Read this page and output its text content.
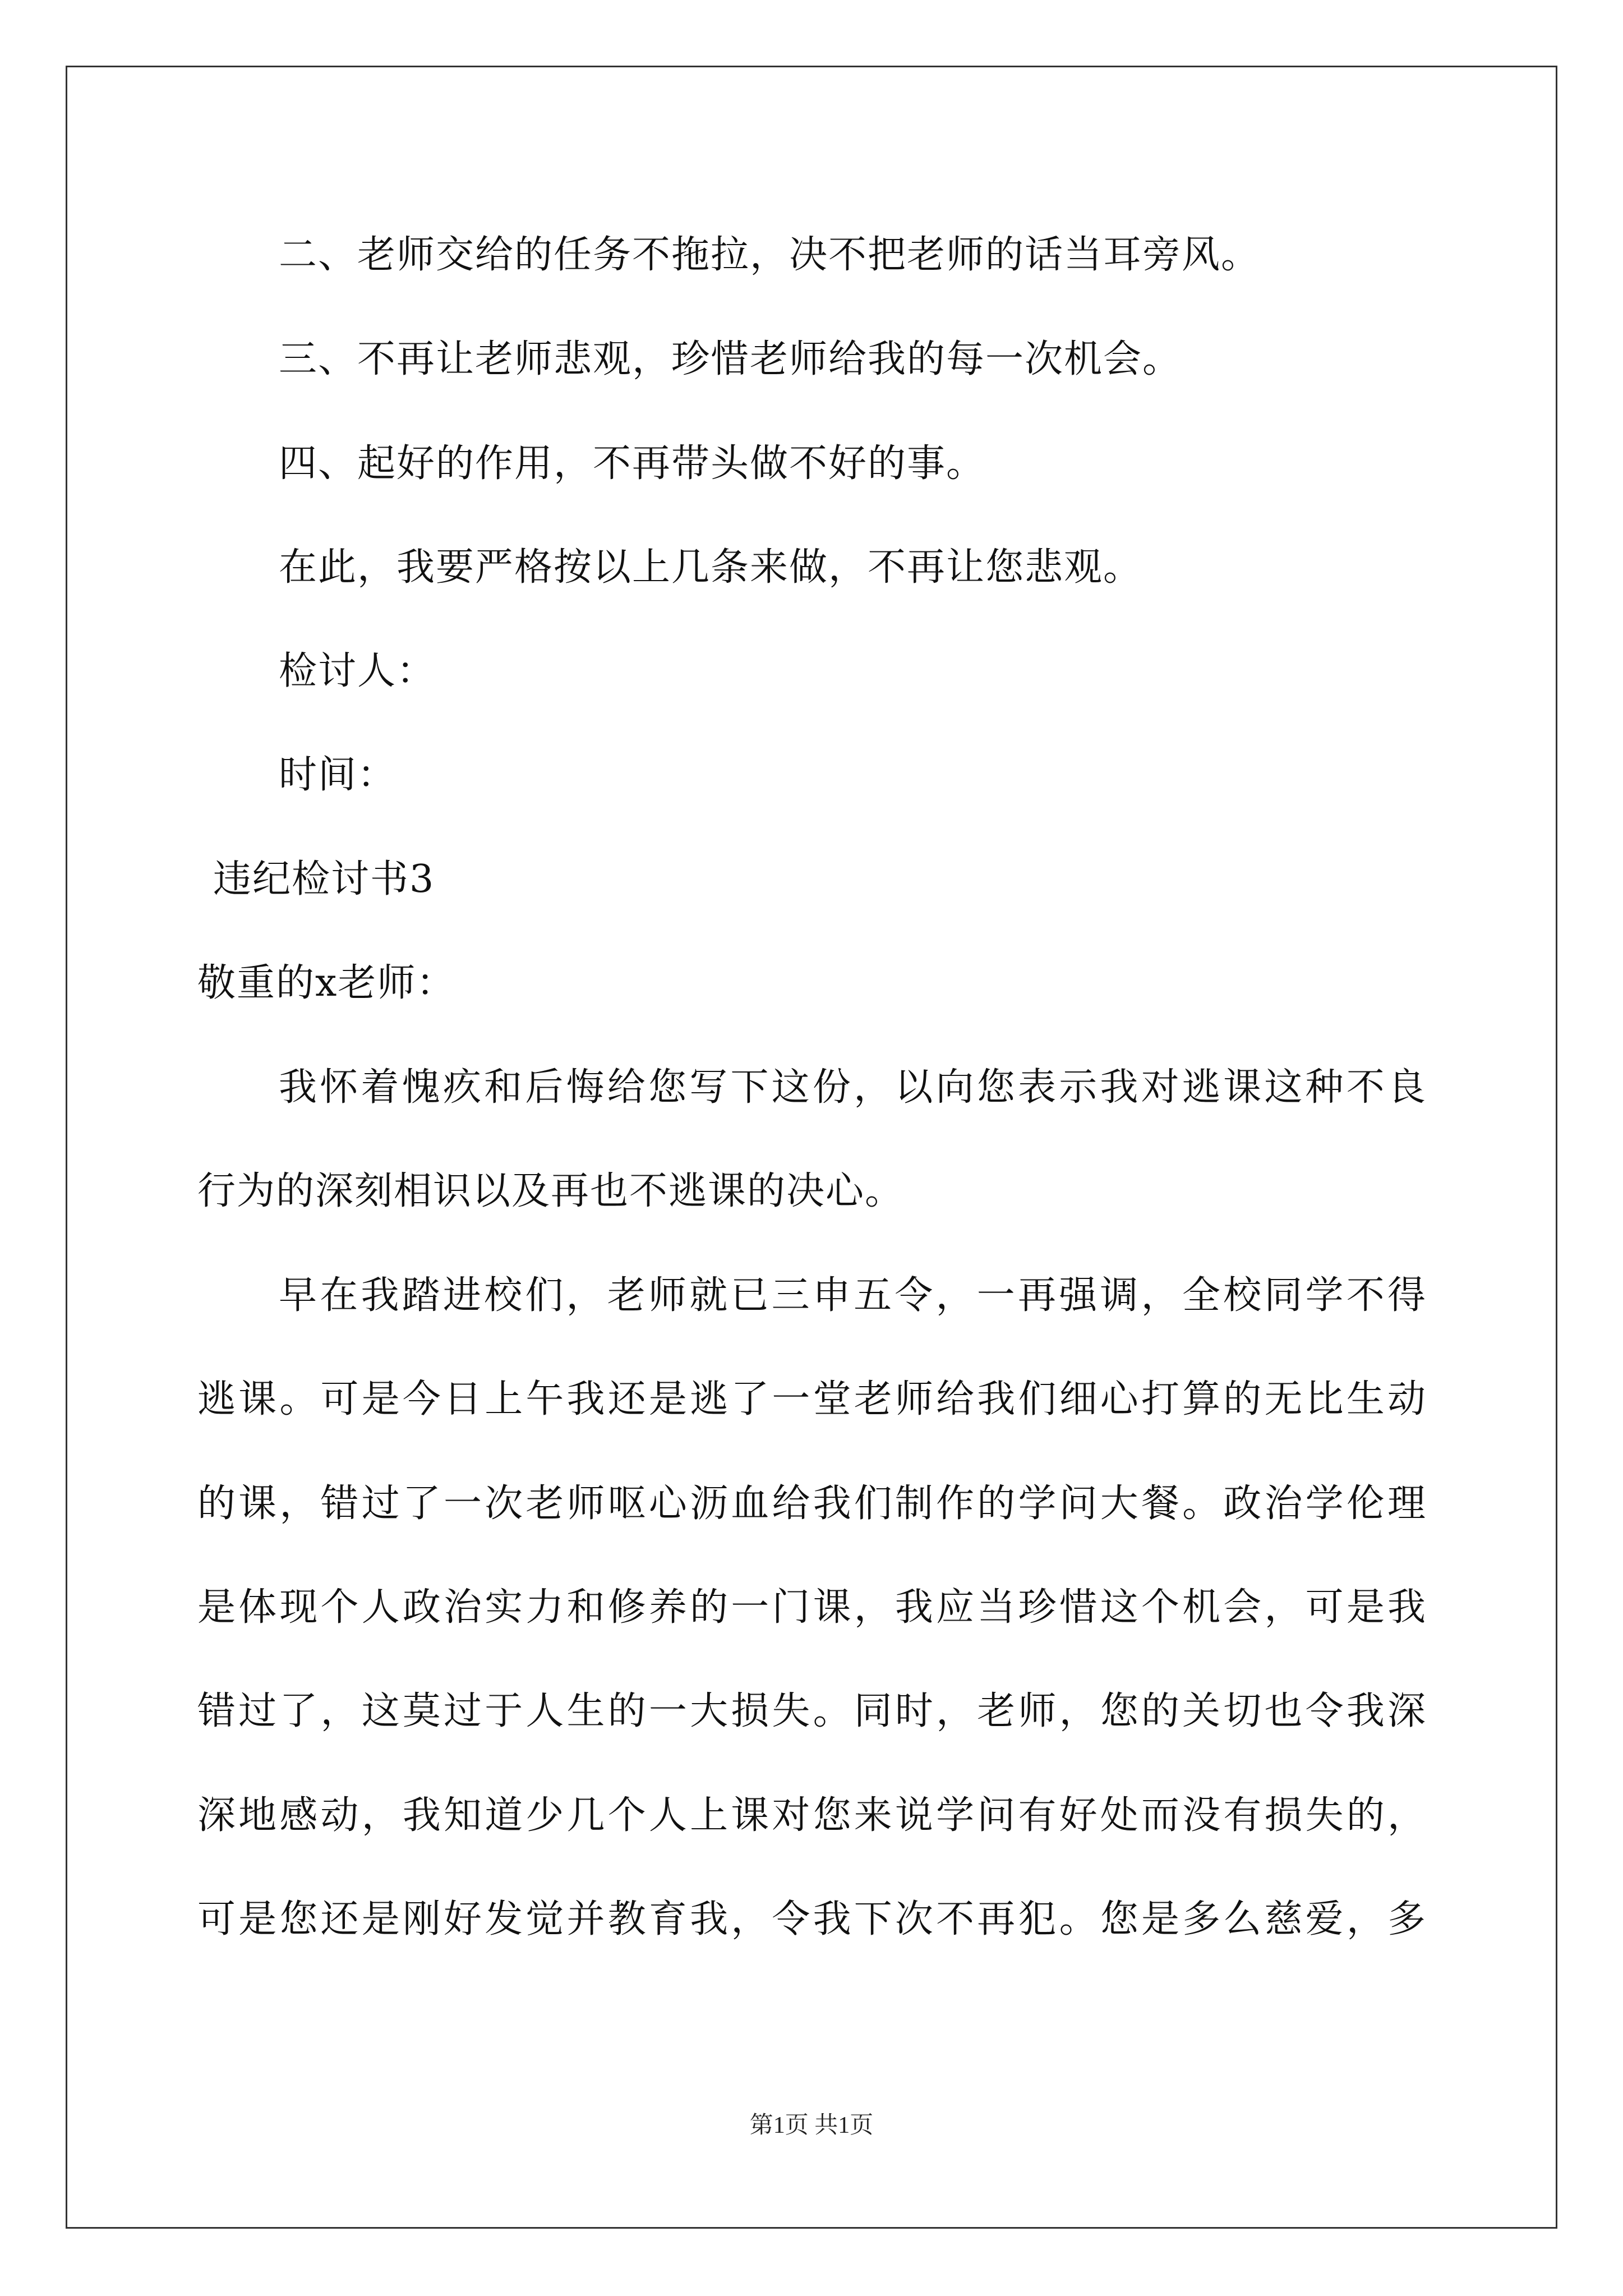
二、老师交给的任务不拖拉，决不把老师的话当耳旁风。
三、不再让老师悲观，珍惜老师给我的每一次机会。
四、起好的作用，不再带头做不好的事。
在此，我要严格按以上几条来做，不再让您悲观。
检讨人：
时间：
违纪检讨书3
敬重的x老师：
我怀着愧疚和后悔给您写下这份，以向您表示我对逃课这种不良
行为的深刻相识以及再也不逃课的决心。
早在我踏进校们，老师就已三申五令，一再强调，全校同学不得
逃课。可是今日上午我还是逃了一堂老师给我们细心打算的无比生动
的课，错过了一次老师呕心沥血给我们制作的学问大餐。政治学伦理
是体现个人政治实力和修养的一门课，我应当珍惜这个机会，可是我
错过了，这莫过于人生的一大损失。同时，老师，您的关切也令我深
深地感动，我知道少几个人上课对您来说学问有好处而没有损失的，
可是您还是刚好发觉并教育我，令我下次不再犯。您是多么慈爱，多
第1页 共1页
